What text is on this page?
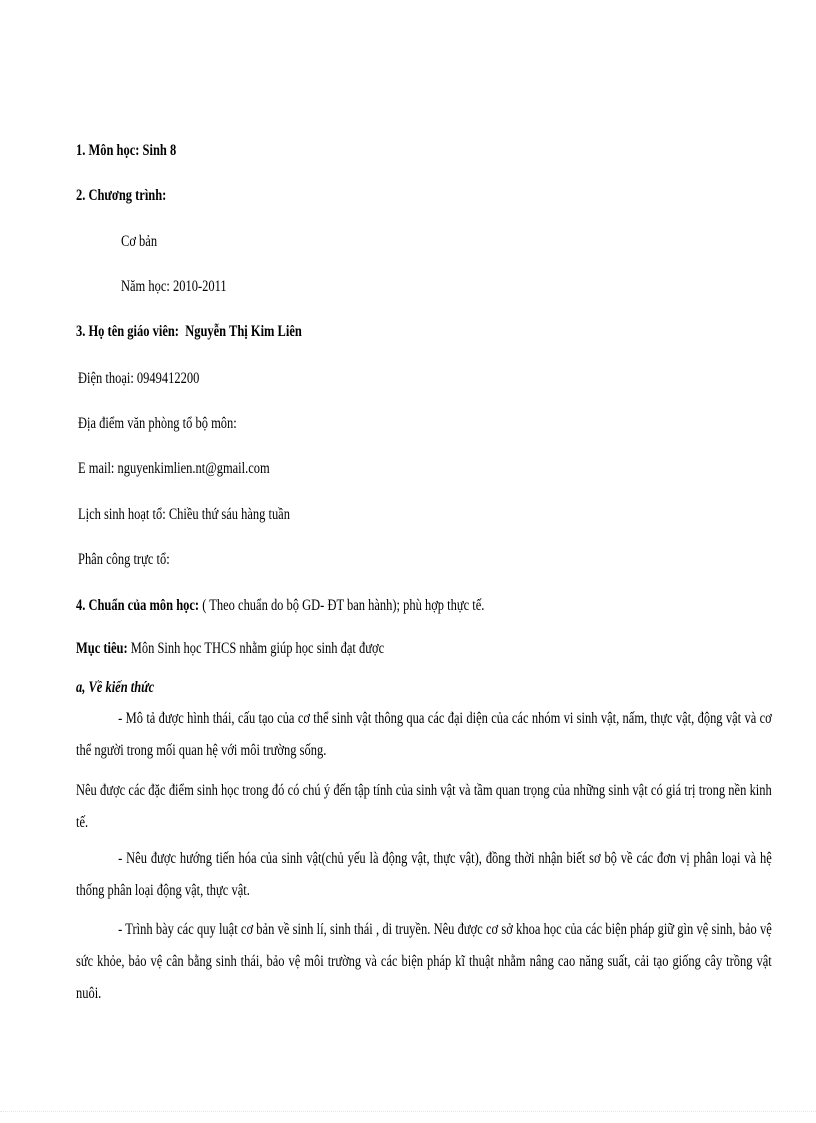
1. Môn học: Sinh 8
2. Chương trình:
Cơ bản
Năm học: 2010-2011
3. Họ tên giáo viên: Nguyễn Thị Kim Liên
Điện thoại: 0949412200
Địa điểm văn phòng tổ bộ môn:
E mail: nguyenkimlien.nt@gmail.com
Lịch sinh hoạt tổ: Chiều thứ sáu hàng tuần
Phân công trực tổ:
4. Chuẩn của môn học: ( Theo chuẩn do bộ GD- ĐT ban hành); phù hợp thực tế.
Mục tiêu: Môn Sinh học THCS nhằm giúp học sinh đạt được
a, Về kiến thức
- Mô tả được hình thái, cấu tạo của cơ thể sinh vật thông qua các đại diện của các nhóm vi sinh vật, nấm, thực vật, động vật và cơ thể người trong mối quan hệ với môi trường sống.
Nêu được các đặc điểm sinh học trong đó có chú ý đến tập tính của sinh vật và tầm quan trọng của những sinh vật có giá trị trong nền kinh tế.
- Nêu được hướng tiến hóa của sinh vật(chủ yếu là động vật, thực vật), đồng thời nhận biết sơ bộ về các đơn vị phân loại và hệ thống phân loại động vật, thực vật.
- Trình bày các quy luật cơ bản về sinh lí, sinh thái , di truyền. Nêu được cơ sở khoa học của các biện pháp giữ gìn vệ sinh, bảo vệ sức khỏe, bảo vệ cân bằng sinh thái, bảo vệ môi trường và các biện pháp kĩ thuật nhằm nâng cao năng suất, cải tạo giống cây trồng vật nuôi.
